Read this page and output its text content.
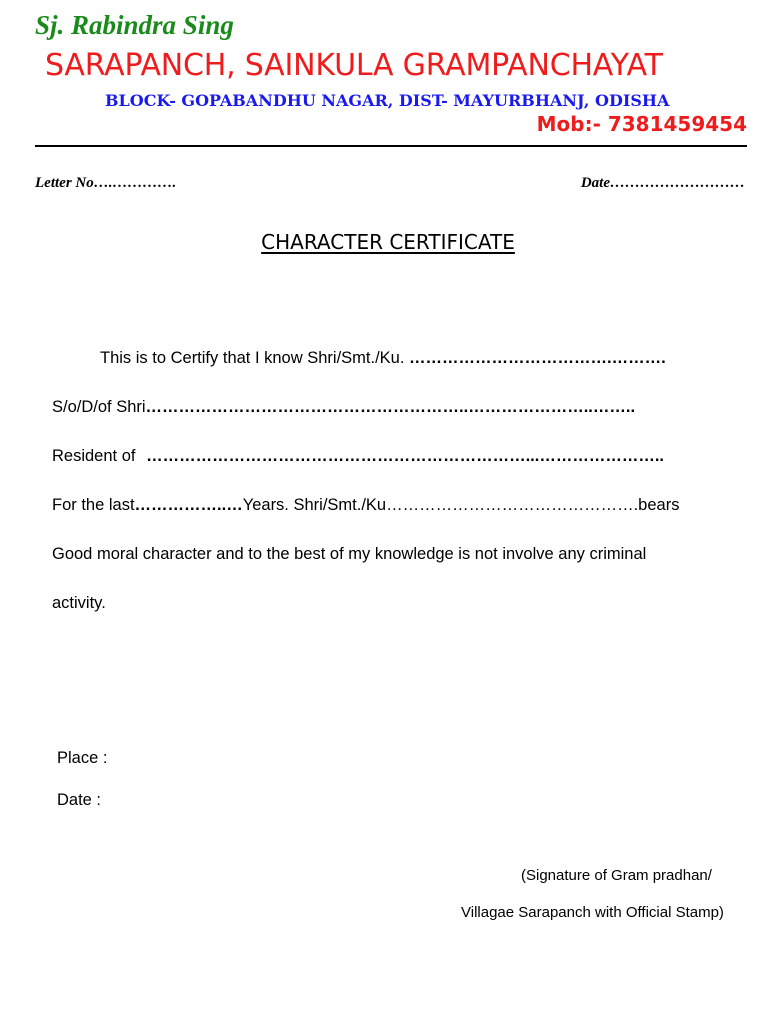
Sj. Rabindra Sing
SARAPANCH, SAINKULA GRAMPANCHAYAT
BLOCK- GOPABANDHU NAGAR, DIST- MAYURBHANJ, ODISHA
Mob:- 7381459454
Letter No….………….	Date………………………
CHARACTER CERTIFICATE
This is to Certify that I know Shri/Smt./Ku. ……………………………….……….
S/o/D/of Shri…………………………………………………..…………………..……..
Resident of ……………………………………………………………...…………………..
For the last……………..…Years. Shri/Smt./Ku……………………………………….bears
Good moral character and to the best of my knowledge is not involve any criminal
activity.
Place :
Date :
(Signature of Gram pradhan/
Villagae Sarapanch with Official Stamp)
